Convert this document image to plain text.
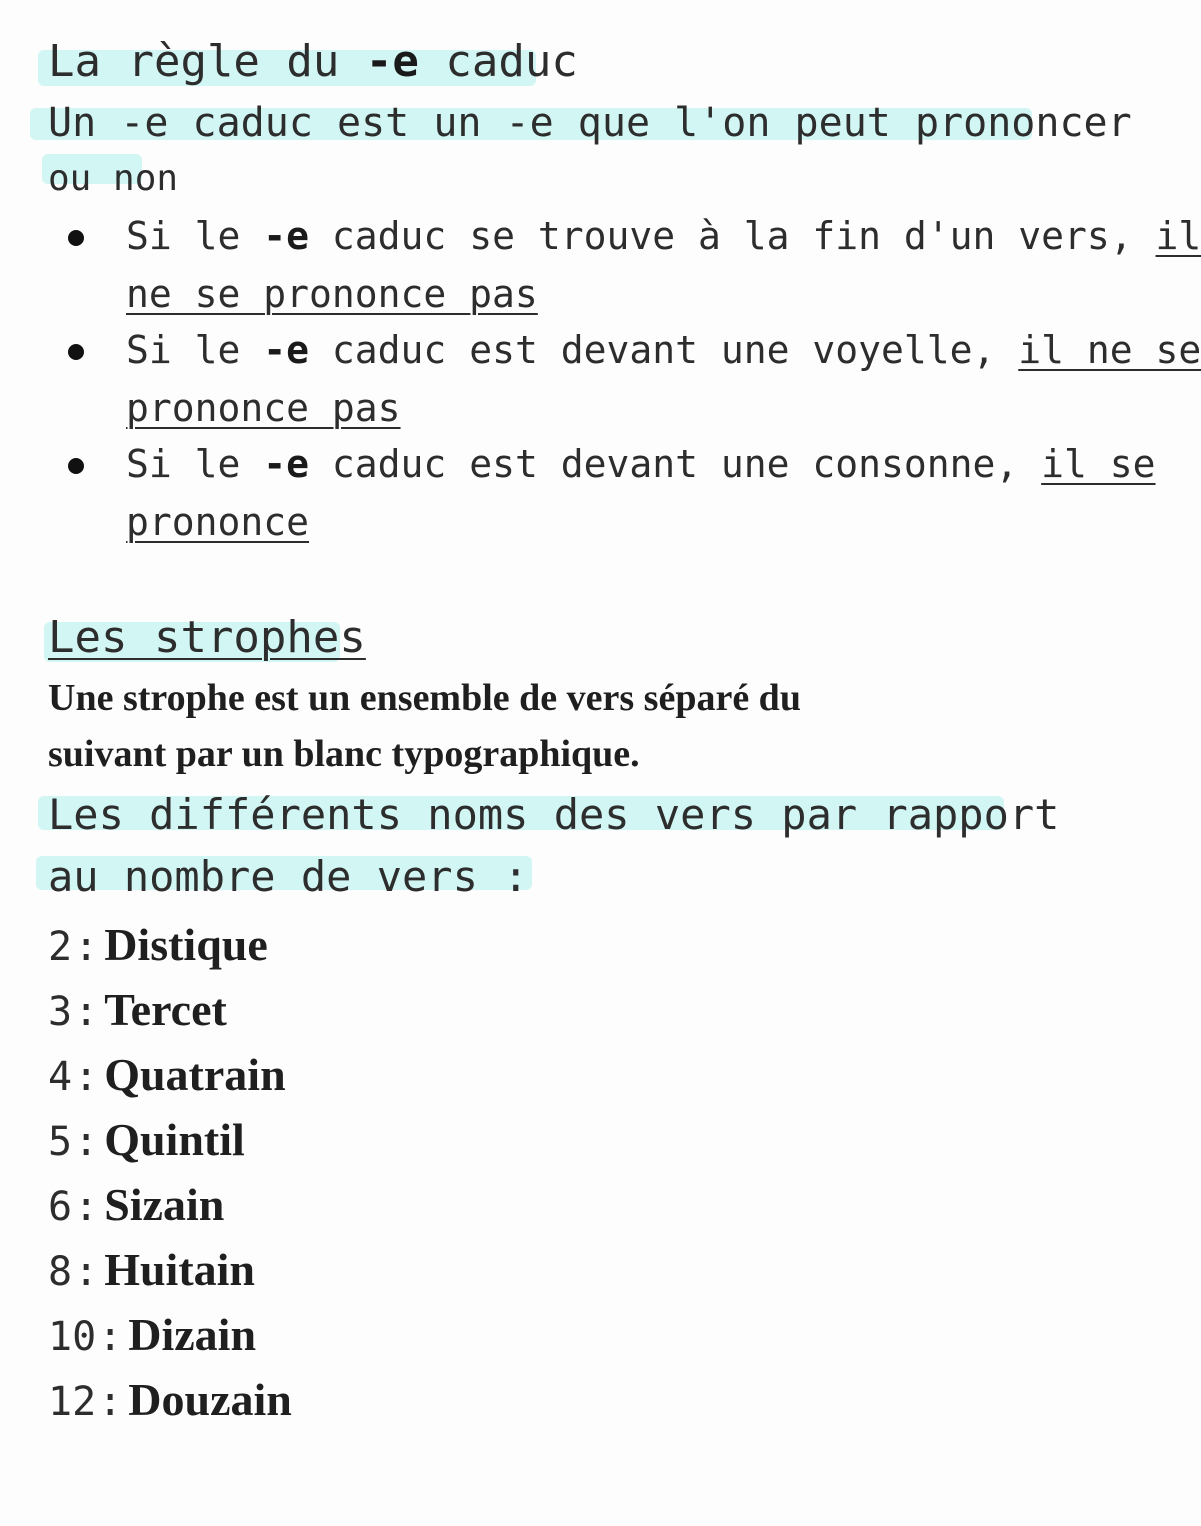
La règle du -e caduc
Un -e caduc est un -e que l'on peut prononcer
ou non
Si le -e caduc se trouve à la fin d'un vers, il
ne se prononce pas
Si le -e caduc est devant une voyelle, il ne se
prononce pas
Si le -e caduc est devant une consonne, il se
prononce
Les strophes
Une strophe est un ensemble de vers séparé du
suivant par un blanc typographique.
Les différents noms des vers par rapport
au nombre de vers :
2: Distique
3: Tercet
4: Quatrain
5: Quintil
6: Sizain
8: Huitain
10: Dizain
12: Douzain
